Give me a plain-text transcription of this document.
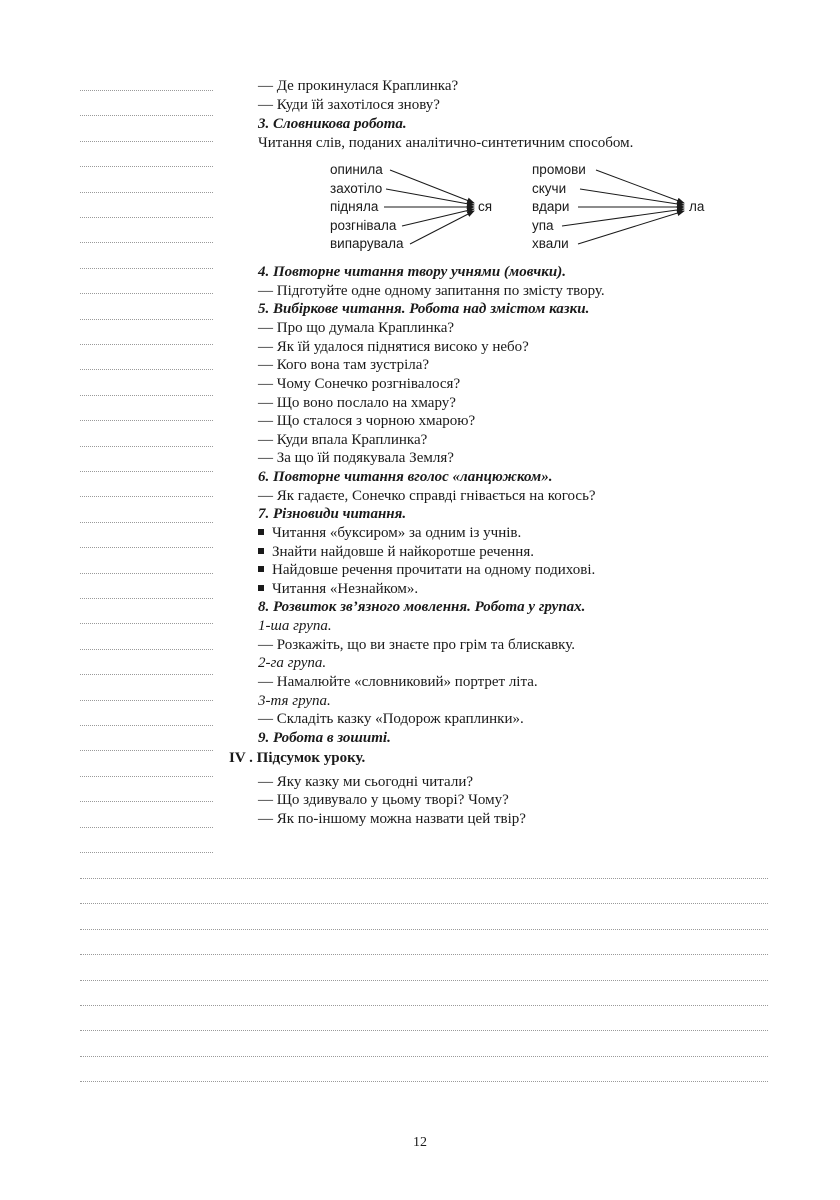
— Де прокинулася Краплинка?
— Куди їй захотілося знову?
3. Словникова робота.
Читання слів, поданих аналітично-синтетичним способом.
опинила
захотіло
підняла
розгнівала
випарувала
ся
промови
скучи
вдари
упа
хвали
ла
4. Повторне читання твору учнями (мовчки).
— Підготуйте одне одному запитання по змісту твору.
5. Вибіркове читання. Робота над змістом казки.
— Про що думала Краплинка?
— Як їй удалося піднятися високо у небо?
— Кого вона там зустріла?
— Чому Сонечко розгнівалося?
— Що воно послало на хмару?
— Що сталося з чорною хмарою?
— Куди впала Краплинка?
— За що їй подякувала Земля?
6. Повторне читання вголос «ланцюжком».
— Як гадаєте, Сонечко справді гнівається на когось?
7. Різновиди читання.
Читання «буксиром» за одним із учнів.
Знайти найдовше й найкоротше речення.
Найдовше речення прочитати на одному подихові.
Читання «Незнайком».
8. Розвиток зв’язного мовлення. Робота у групах.
1-ша група.
— Розкажіть, що ви знаєте про грім та блискавку.
2-га група.
— Намалюйте «словниковий» портрет літа.
3-тя група.
— Складіть казку «Подорож краплинки».
9. Робота в зошиті.
IV . Підсумок уроку.
— Яку казку ми сьогодні читали?
— Що здивувало у цьому творі? Чому?
— Як по-іншому можна назвати цей твір?
12
